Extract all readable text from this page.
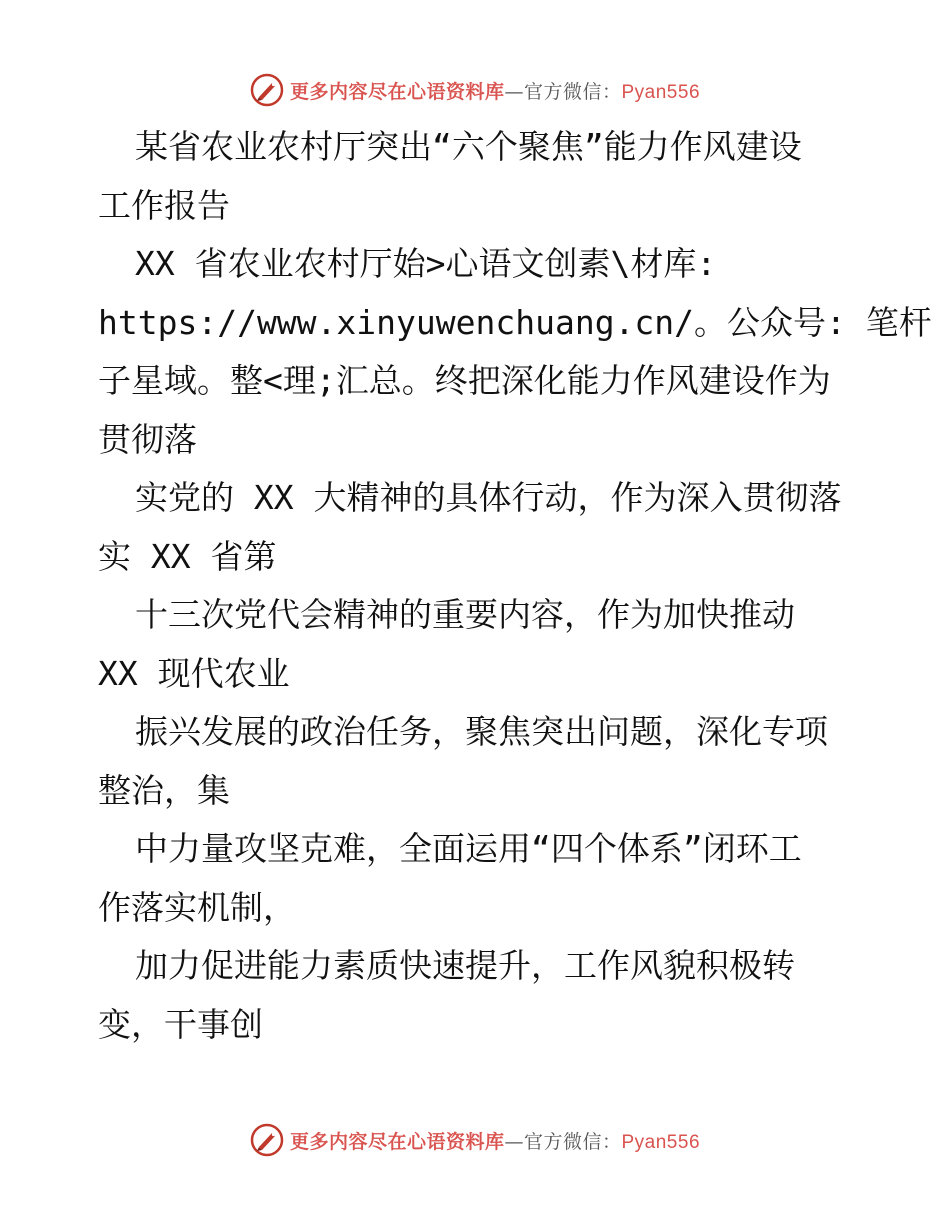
更多内容尽在心语资料库—官方微信：Pyan556
某省农业农村厅突出“六个聚焦”能力作风建设
工作报告
XX 省农业农村厅始>心语文创素\材库:
https://www.xinyuwenchuang.cn/。公众号: 笔杆
子星域。整<理;汇总。终把深化能力作风建设作为
贯彻落
实党的 XX 大精神的具体行动，作为深入贯彻落
实 XX 省第
十三次党代会精神的重要内容，作为加快推动
XX 现代农业
振兴发展的政治任务，聚焦突出问题，深化专项
整治，集
中力量攻坚克难，全面运用“四个体系”闭环工
作落实机制，
加力促进能力素质快速提升，工作风貌积极转
变，干事创
更多内容尽在心语资料库—官方微信：Pyan556
